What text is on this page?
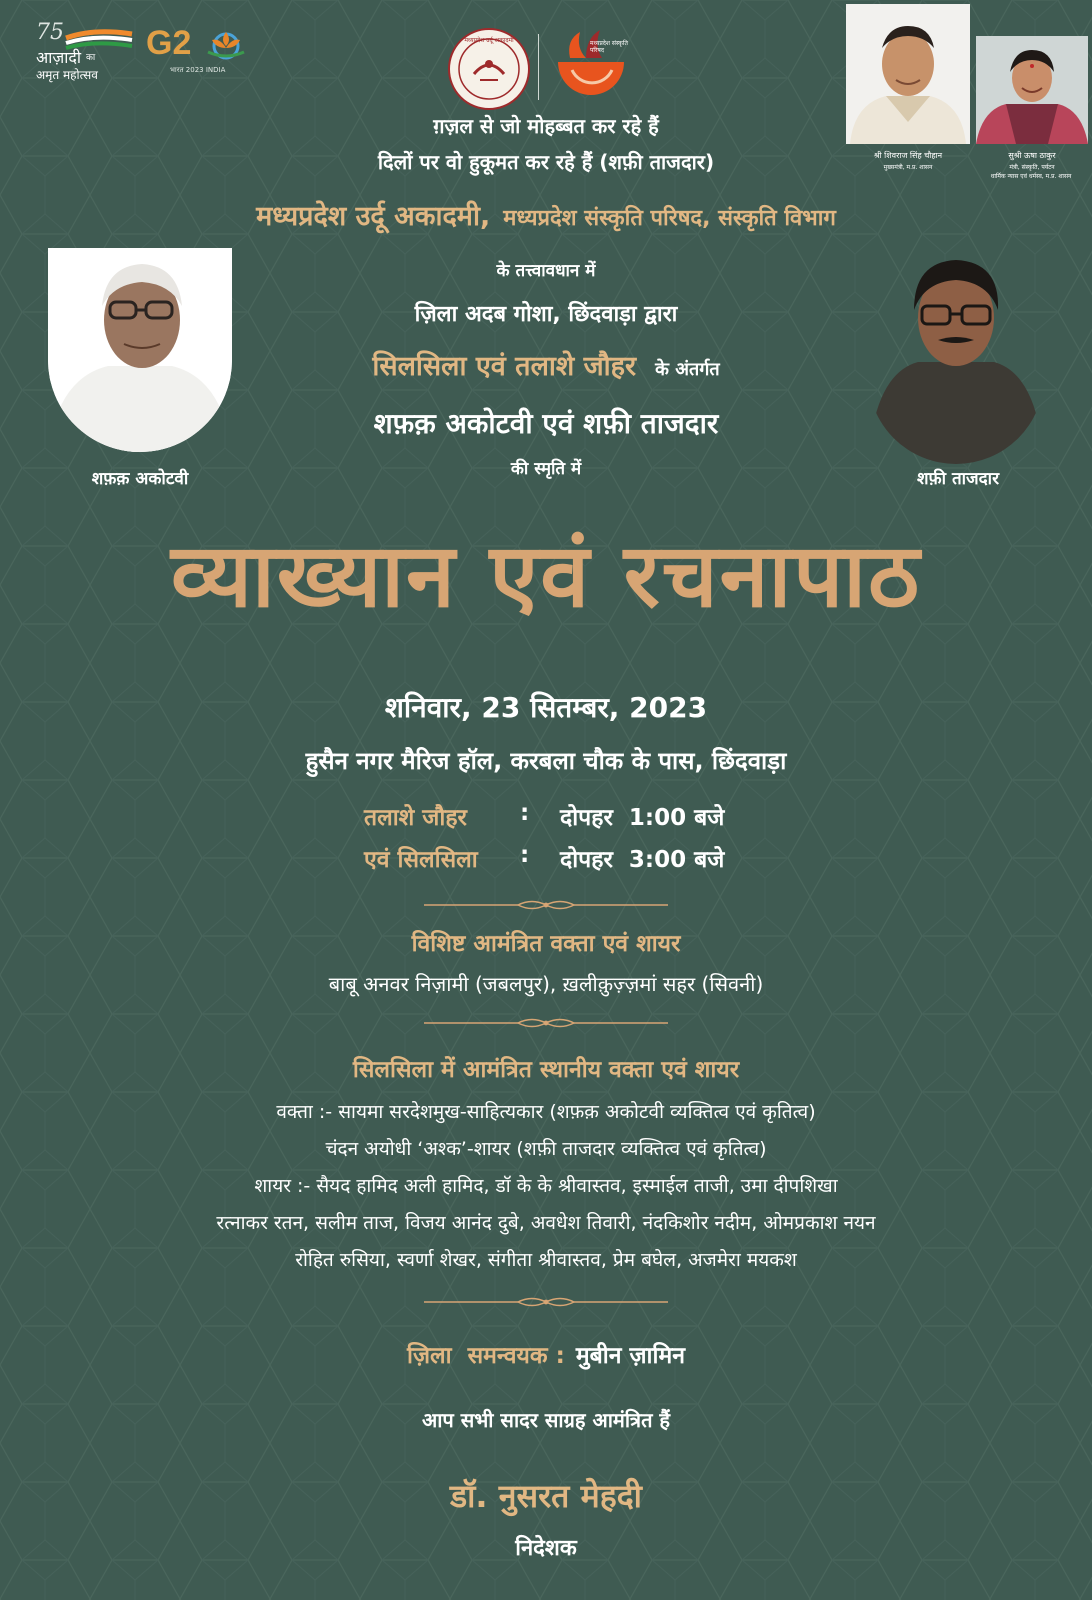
75
आज़ादी का
अमृत महोत्सव
G2
भारत 2023 INDIA
मध्यप्रदेश उर्दू अकादमी	मध्यप्रदेश संस्कृति परिषद
श्री शिवराज सिंह चौहान
मुख्यमंत्री, म.प्र. शासन
सुश्री ऊषा ठाकुर
मंत्री, संस्कृति, पर्यटन
धार्मिक न्यास एवं धर्मस्व, म.प्र. शासन
ग़ज़ल से जो मोहब्बत कर रहे हैं
दिलों पर वो हुकूमत कर रहे हैं (शफ़ी ताजदार)
मध्यप्रदेश उर्दू अकादमी, मध्यप्रदेश संस्कृति परिषद, संस्कृति विभाग
के तत्त्वावधान में
ज़िला अदब गोशा, छिंदवाड़ा द्वारा
सिलसिला एवं तलाशे जौहर के अंतर्गत
शफ़क़ अकोटवी एवं शफ़ी ताजदार
की स्मृति में
शफ़क़ अकोटवी	शफ़ी ताजदार
व्याख्यान एवं रचनापाठ
शनिवार, 23 सितम्बर, 2023
हुसैन नगर मैरिज हॉल, करबला चौक के पास, छिंदवाड़ा
तलाशे जौहर : दोपहर  1:00 बजे
एवं सिलसिला : दोपहर  3:00 बजे
विशिष्ट आमंत्रित वक्ता एवं शायर
बाबू अनवर निज़ामी (जबलपुर), ख़लीक़ुज़्ज़मां सहर (सिवनी)
सिलसिला में आमंत्रित स्थानीय वक्ता एवं शायर
वक्ता :- सायमा सरदेशमुख-साहित्यकार (शफ़क़ अकोटवी व्यक्तित्व एवं कृतित्व)
चंदन अयोधी ‘अश्क’-शायर (शफ़ी ताजदार व्यक्तित्व एवं कृतित्व)
शायर :- सैयद हामिद अली हामिद, डॉ के के श्रीवास्तव, इस्माईल ताजी, उमा दीपशिखा
रत्नाकर रतन, सलीम ताज, विजय आनंद दुबे, अवधेश तिवारी, नंदकिशोर नदीम, ओमप्रकाश नयन
रोहित रुसिया, स्वर्णा शेखर, संगीता श्रीवास्तव, प्रेम बघेल, अजमेरा मयकश
ज़िला  समन्वयक : मुबीन ज़ामिन
आप सभी सादर साग्रह आमंत्रित हैं
डॉ. नुसरत मेहदी
निदेशक
